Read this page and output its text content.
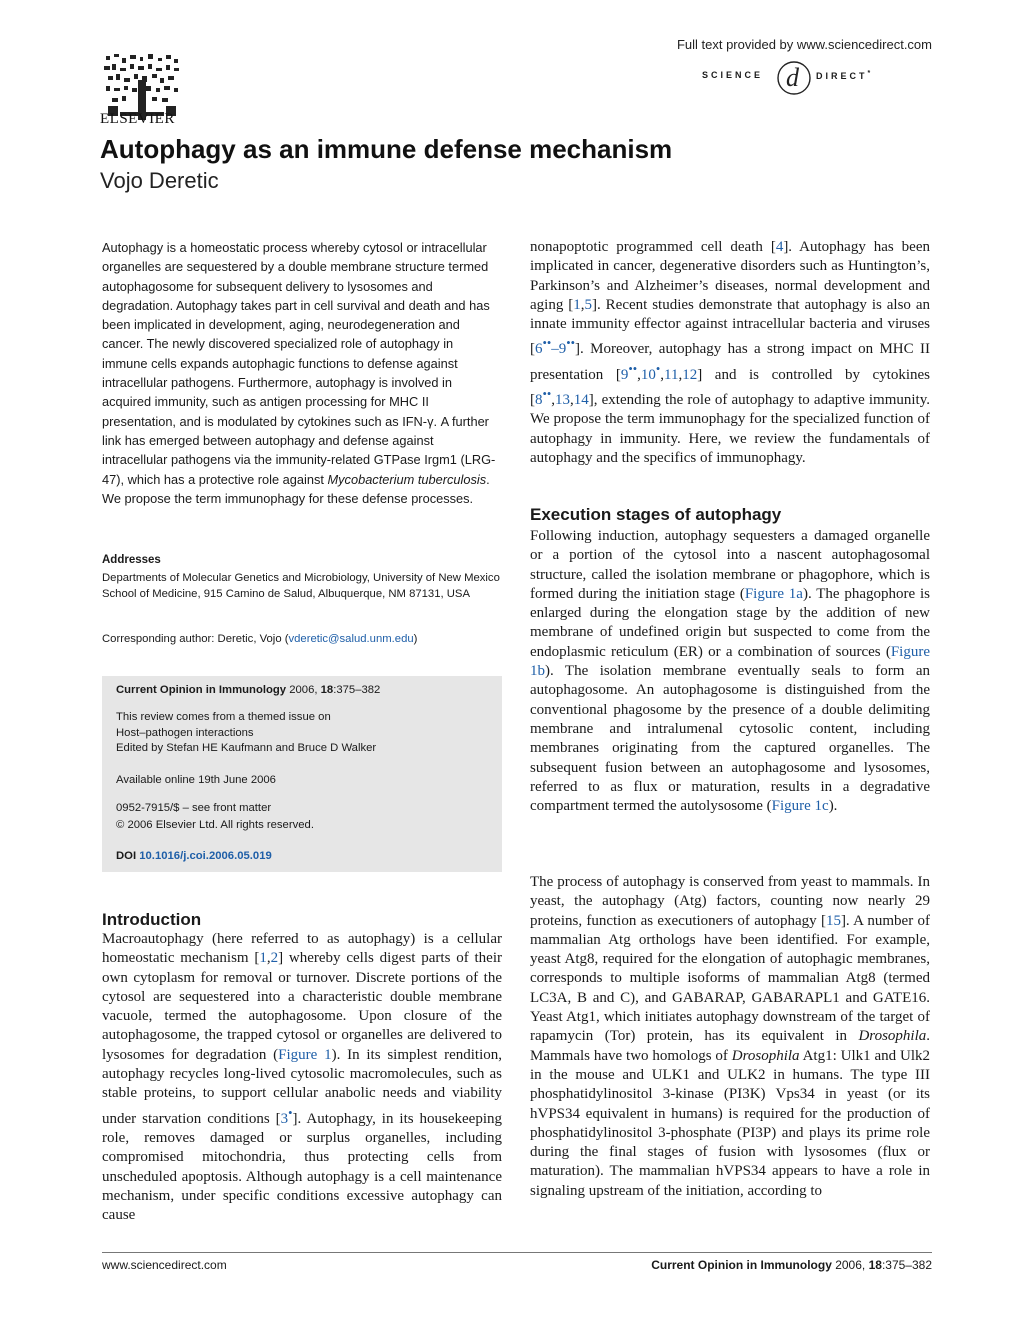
ELSEVIER
Full text provided by www.sciencedirect.com
d
SCIENCE	DIRECT*
Autophagy as an immune defense mechanism
Vojo Deretic
Autophagy is a homeostatic process whereby cytosol or intracellular organelles are sequestered by a double membrane structure termed autophagosome for subsequent delivery to lysosomes and degradation. Autophagy takes part in cell survival and death and has been implicated in development, aging, neurodegeneration and cancer. The newly discovered specialized role of autophagy in immune cells expands autophagic functions to defense against intracellular pathogens. Furthermore, autophagy is involved in acquired immunity, such as antigen processing for MHC II presentation, and is modulated by cytokines such as IFN-γ. A further link has emerged between autophagy and defense against intracellular pathogens via the immunity-related GTPase Irgm1 (LRG-47), which has a protective role against Mycobacterium tuberculosis. We propose the term immunophagy for these defense processes.
Addresses
Departments of Molecular Genetics and Microbiology, University of New Mexico School of Medicine, 915 Camino de Salud, Albuquerque, NM 87131, USA
Corresponding author: Deretic, Vojo (vderetic@salud.unm.edu)
Current Opinion in Immunology 2006, 18:375–382
This review comes from a themed issue on
Host–pathogen interactions
Edited by Stefan HE Kaufmann and Bruce D Walker
Available online 19th June 2006
0952-7915/$ – see front matter
© 2006 Elsevier Ltd. All rights reserved.
DOI 10.1016/j.coi.2006.05.019
Introduction
Macroautophagy (here referred to as autophagy) is a cellular homeostatic mechanism [1,2] whereby cells digest parts of their own cytoplasm for removal or turnover. Discrete portions of the cytosol are sequestered into a characteristic double membrane vacuole, termed the autophagosome. Upon closure of the autophagosome, the trapped cytosol or organelles are delivered to lysosomes for degradation (Figure 1). In its simplest rendition, autophagy recycles long-lived cytosolic macromolecules, such as stable proteins, to support cellular anabolic needs and viability under starvation conditions [3•]. Autophagy, in its housekeeping role, removes damaged or surplus organelles, including compromised mitochondria, thus protecting cells from unscheduled apoptosis. Although autophagy is a cell maintenance mechanism, under specific conditions excessive autophagy can cause
nonapoptotic programmed cell death [4]. Autophagy has been implicated in cancer, degenerative disorders such as Huntington’s, Parkinson’s and Alzheimer’s diseases, normal development and aging [1,5]. Recent studies demonstrate that autophagy is also an innate immunity effector against intracellular bacteria and viruses [6••–9••]. Moreover, autophagy has a strong impact on MHC II presentation [9••,10•,11,12] and is controlled by cytokines [8••,13,14], extending the role of autophagy to adaptive immunity. We propose the term immunophagy for the specialized function of autophagy in immunity. Here, we review the fundamentals of autophagy and the specifics of immunophagy.
Execution stages of autophagy
Following induction, autophagy sequesters a damaged organelle or a portion of the cytosol into a nascent autophagosomal structure, called the isolation membrane or phagophore, which is formed during the initiation stage (Figure 1a). The phagophore is enlarged during the elongation stage by the addition of new membrane of undefined origin but suspected to come from the endoplasmic reticulum (ER) or a combination of sources (Figure 1b). The isolation membrane eventually seals to form an autophagosome. An autophagosome is distinguished from the conventional phagosome by the presence of a double delimiting membrane and intralumenal cytosolic content, including membranes originating from the captured organelles. The subsequent fusion between an autophagosome and lysosomes, referred to as flux or maturation, results in a degradative compartment termed the autolysosome (Figure 1c).
The process of autophagy is conserved from yeast to mammals. In yeast, the autophagy (Atg) factors, counting now nearly 29 proteins, function as executioners of autophagy [15]. A number of mammalian Atg orthologs have been identified. For example, yeast Atg8, required for the elongation of autophagic membranes, corresponds to multiple isoforms of mammalian Atg8 (termed LC3A, B and C), and GABARAP, GABARAPL1 and GATE16. Yeast Atg1, which initiates autophagy downstream of the target of rapamycin (Tor) protein, has its equivalent in Drosophila. Mammals have two homologs of Drosophila Atg1: Ulk1 and Ulk2 in the mouse and ULK1 and ULK2 in humans. The type III phosphatidylinositol 3-kinase (PI3K) Vps34 in yeast (or its hVPS34 equivalent in humans) is required for the production of phosphatidylinositol 3-phosphate (PI3P) and plays its prime role during the final stages of fusion with lysosomes (flux or maturation). The mammalian hVPS34 appears to have a role in signaling upstream of the initiation, according to
www.sciencedirect.com	Current Opinion in Immunology 2006, 18:375–382
